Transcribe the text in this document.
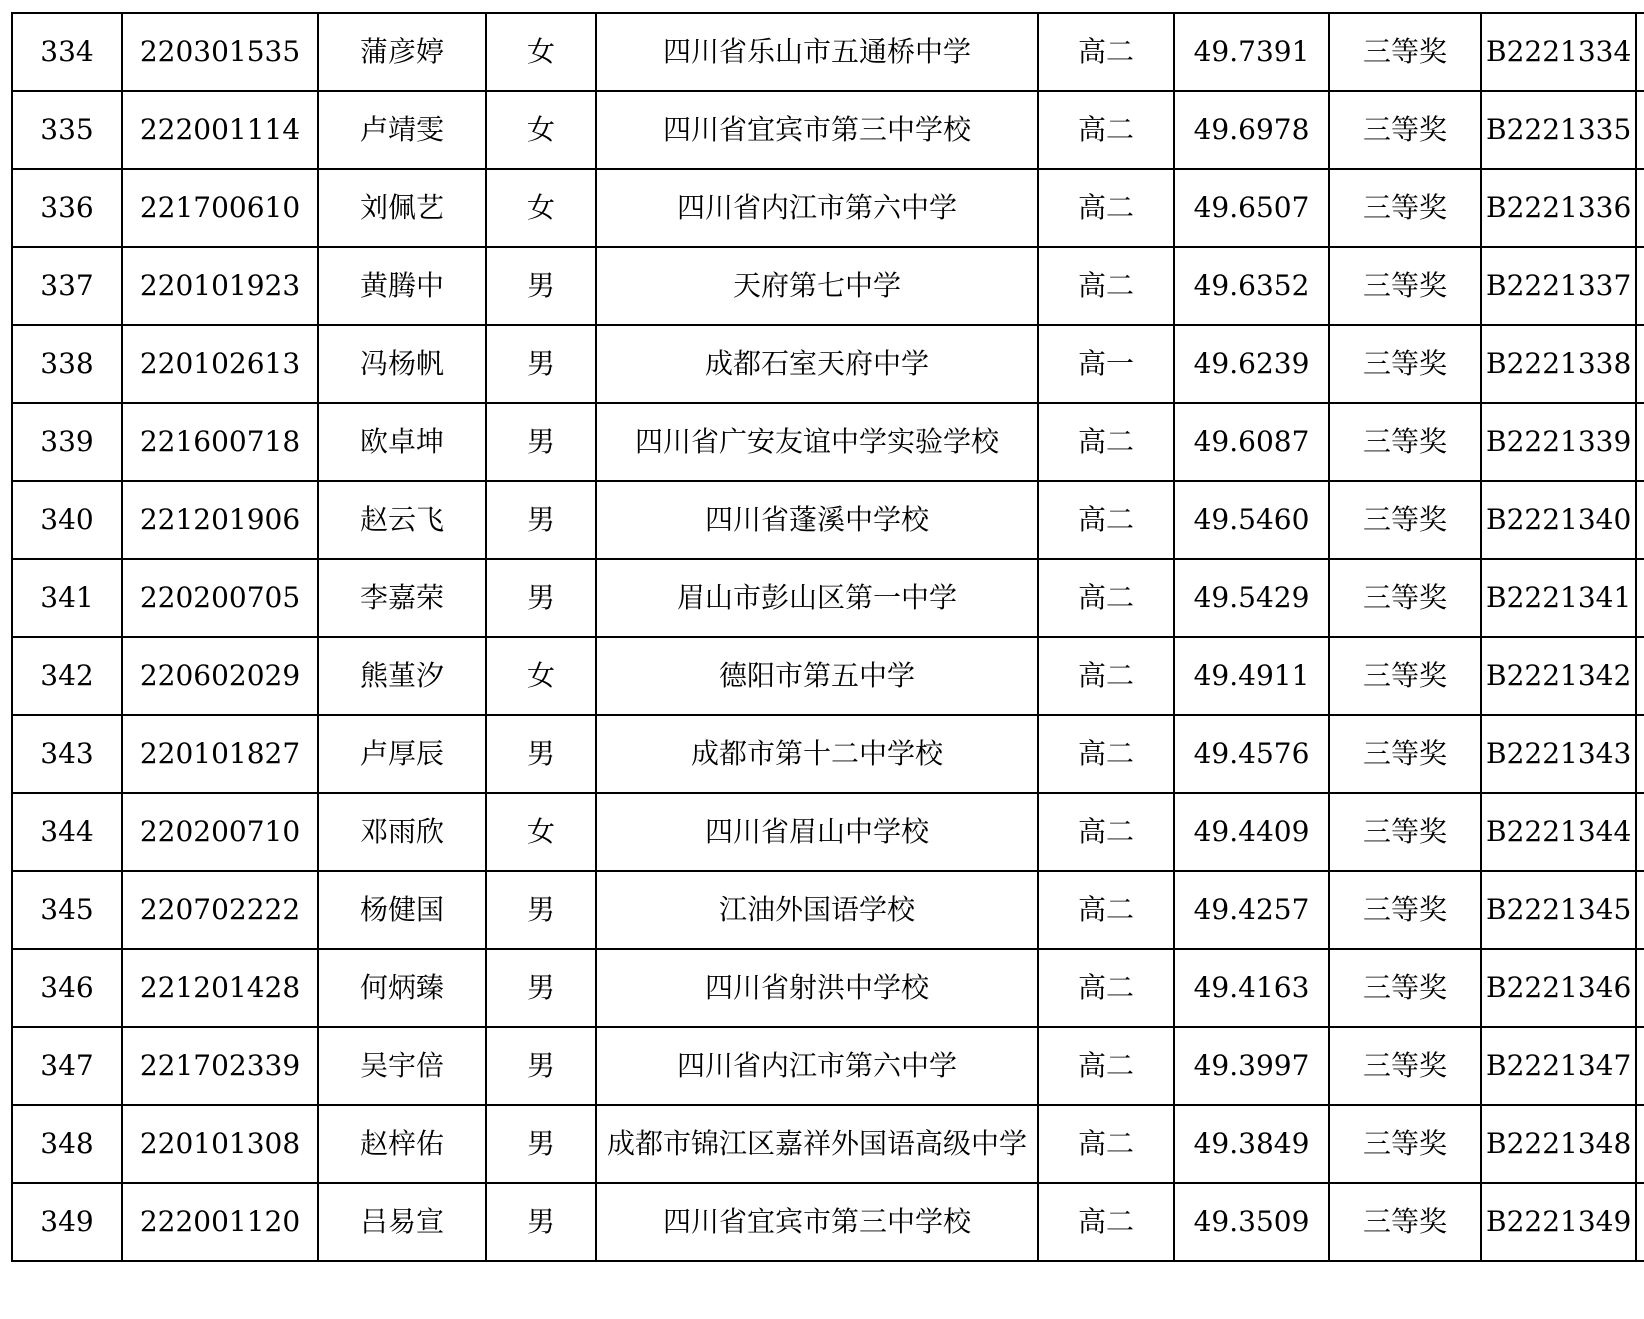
334	220301535	蒲彦婷	女	四川省乐山市五通桥中学	高二	49.7391	三等奖	B2221334	
335	222001114	卢靖雯	女	四川省宜宾市第三中学校	高二	49.6978	三等奖	B2221335	
336	221700610	刘佩艺	女	四川省内江市第六中学	高二	49.6507	三等奖	B2221336	
337	220101923	黄腾中	男	天府第七中学	高二	49.6352	三等奖	B2221337	
338	220102613	冯杨帆	男	成都石室天府中学	高一	49.6239	三等奖	B2221338	
339	221600718	欧卓坤	男	四川省广安友谊中学实验学校	高二	49.6087	三等奖	B2221339	
340	221201906	赵云飞	男	四川省蓬溪中学校	高二	49.5460	三等奖	B2221340	
341	220200705	李嘉荣	男	眉山市彭山区第一中学	高二	49.5429	三等奖	B2221341	
342	220602029	熊堇汐	女	德阳市第五中学	高二	49.4911	三等奖	B2221342	
343	220101827	卢厚辰	男	成都市第十二中学校	高二	49.4576	三等奖	B2221343	
344	220200710	邓雨欣	女	四川省眉山中学校	高二	49.4409	三等奖	B2221344	
345	220702222	杨健国	男	江油外国语学校	高二	49.4257	三等奖	B2221345	
346	221201428	何炳臻	男	四川省射洪中学校	高二	49.4163	三等奖	B2221346	
347	221702339	吴宇倍	男	四川省内江市第六中学	高二	49.3997	三等奖	B2221347	
348	220101308	赵梓佑	男	成都市锦江区嘉祥外国语高级中学	高二	49.3849	三等奖	B2221348	
349	222001120	吕易宣	男	四川省宜宾市第三中学校	高二	49.3509	三等奖	B2221349	
